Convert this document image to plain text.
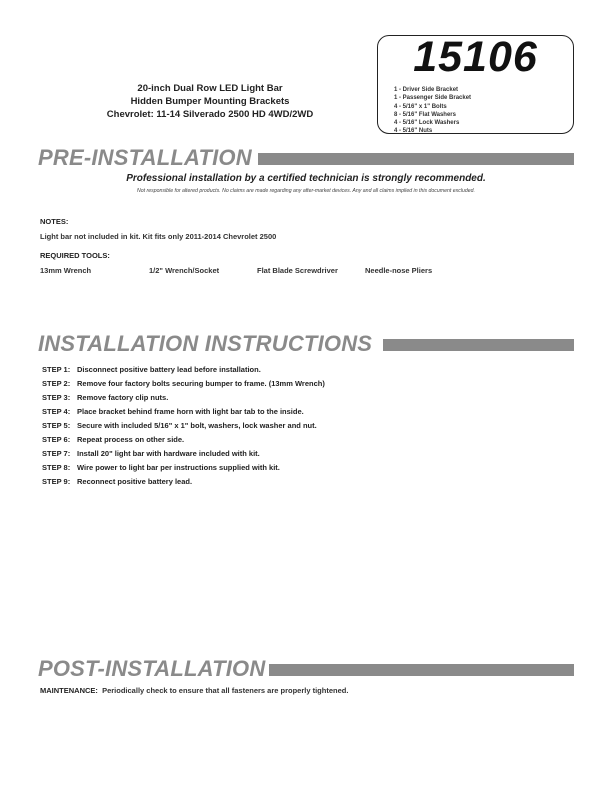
20-inch Dual Row LED Light Bar
Hidden Bumper Mounting Brackets
Chevrolet: 11-14 Silverado 2500 HD 4WD/2WD
15106
1 - Driver Side Bracket
1 - Passenger Side Bracket
4 - 5/16" x 1" Bolts
8 - 5/16" Flat Washers
4 - 5/16" Lock Washers
4 - 5/16" Nuts
PRE-INSTALLATION
Professional installation by a certified technician is strongly recommended.
Not responsible for altered products. No claims are made regarding any after-market devices. Any and all claims implied in this document excluded.
NOTES:
Light bar not included in kit. Kit fits only 2011-2014 Chevrolet 2500
REQUIRED TOOLS:
13mm Wrench	1/2" Wrench/Socket	Flat Blade Screwdriver	Needle-nose Pliers
INSTALLATION INSTRUCTIONS
STEP 1: Disconnect positive battery lead before installation.
STEP 2: Remove four factory bolts securing bumper to frame. (13mm Wrench)
STEP 3: Remove factory clip nuts.
STEP 4: Place bracket behind frame horn with light bar tab to the inside.
STEP 5: Secure with included 5/16" x 1" bolt, washers, lock washer and nut.
STEP 6: Repeat process on other side.
STEP 7: Install 20" light bar with hardware included with kit.
STEP 8: Wire power to light bar per instructions supplied with kit.
STEP 9: Reconnect positive battery lead.
POST-INSTALLATION
MAINTENANCE: Periodically check to ensure that all fasteners are properly tightened.
